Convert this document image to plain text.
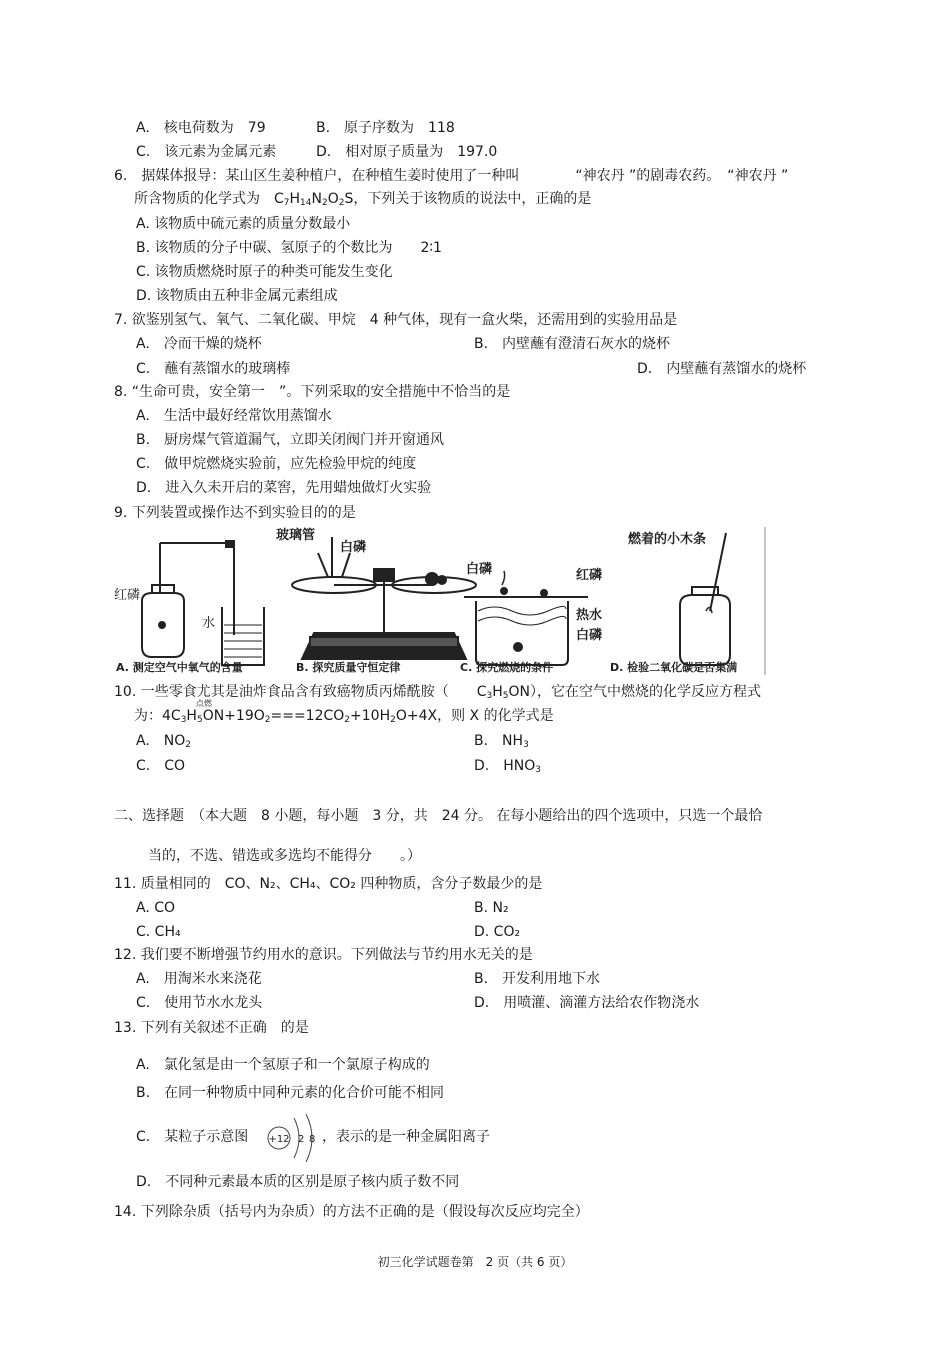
A.　核电荷数为　79	B.　原子序数为　118
C.　该元素为金属元素	D.　相对原子质量为　197.0
6.　据媒体报导：某山区生姜种植户，在种植生姜时使用了一种叫　　　　“神农丹 ”的剧毒农药。　“神农丹 ”
所含物质的化学式为　$C_7H_{14}N_2O_2S$，下列关于该物质的说法中，正确的是
A. 该物质中硫元素的质量分数最小
B. 该物质的分子中碳、氢原子的个数比为　　2∶1
C. 该物质燃烧时原子的种类可能发生变化
D. 该物质由五种非金属元素组成
7. 欲鉴别氢气、氧气、二氧化碳、甲烷　4 种气体，现有一盒火柴，还需用到的实验用品是
A.　冷而干燥的烧杯	B.　内壁蘸有澄清石灰水的烧杯
C.　蘸有蒸馏水的玻璃棒	D.　内壁蘸有蒸馏水的烧杯
8. “生命可贵，安全第一　”。下列采取的安全措施中不恰当的是
A.　生活中最好经常饮用蒸馏水
B.　厨房煤气管道漏气，立即关闭阀门并开窗通风
C.　做甲烷燃烧实验前，应先检验甲烷的纯度
D.　进入久未开启的菜窖，先用蜡烛做灯火实验
9. 下列装置或操作达不到实验目的的是
红磷
水
玻璃管
白磷
白磷	红磷
热水
白磷
燃着的小木条
A. 测定空气中氧气的含量	B. 探究质量守恒定律	C. 探究燃烧的条件	D. 检验二氧化碳是否集满
10. 一些零食尤其是油炸食品含有致癌物质丙烯酰胺（　　$C_3H_5ON$），它在空气中燃烧的化学反应方程式
点燃
为：$4C_3H_5ON+19O_2===12CO_2+10H_2O+4X$，则 X 的化学式是
A.　$NO_2$	B.　$NH_3$
C.　CO	D.　$HNO_3$
二、选择题　（本大题　8 小题，每小题　3 分，共　24 分。 在每小题给出的四个选项中，只选一个最恰
当的，不选、错选或多选均不能得分　　。）
11. 质量相同的　CO、N₂、CH₄、CO₂ 四种物质，含分子数最少的是
A. CO	B. N₂
C. CH₄	D. CO₂
12. 我们要不断增强节约用水的意识。下列做法与节约用水无关的是
A.　用淘米水来浇花	B.　开发利用地下水
C.　使用节水水龙头	D.　用喷灌、滴灌方法给农作物浇水
13. 下列有关叙述不正确　的是
A.　氯化氢是由一个氢原子和一个氯原子构成的
B.　在同一种物质中同种元素的化合价可能不相同
C.　某粒子示意图 +12 2 8 ，表示的是一种金属阳离子
D.　不同种元素最本质的区别是原子核内质子数不同
14. 下列除杂质（括号内为杂质）的方法不正确的是（假设每次反应均完全）
初三化学试题卷第　2 页（共 6 页）
